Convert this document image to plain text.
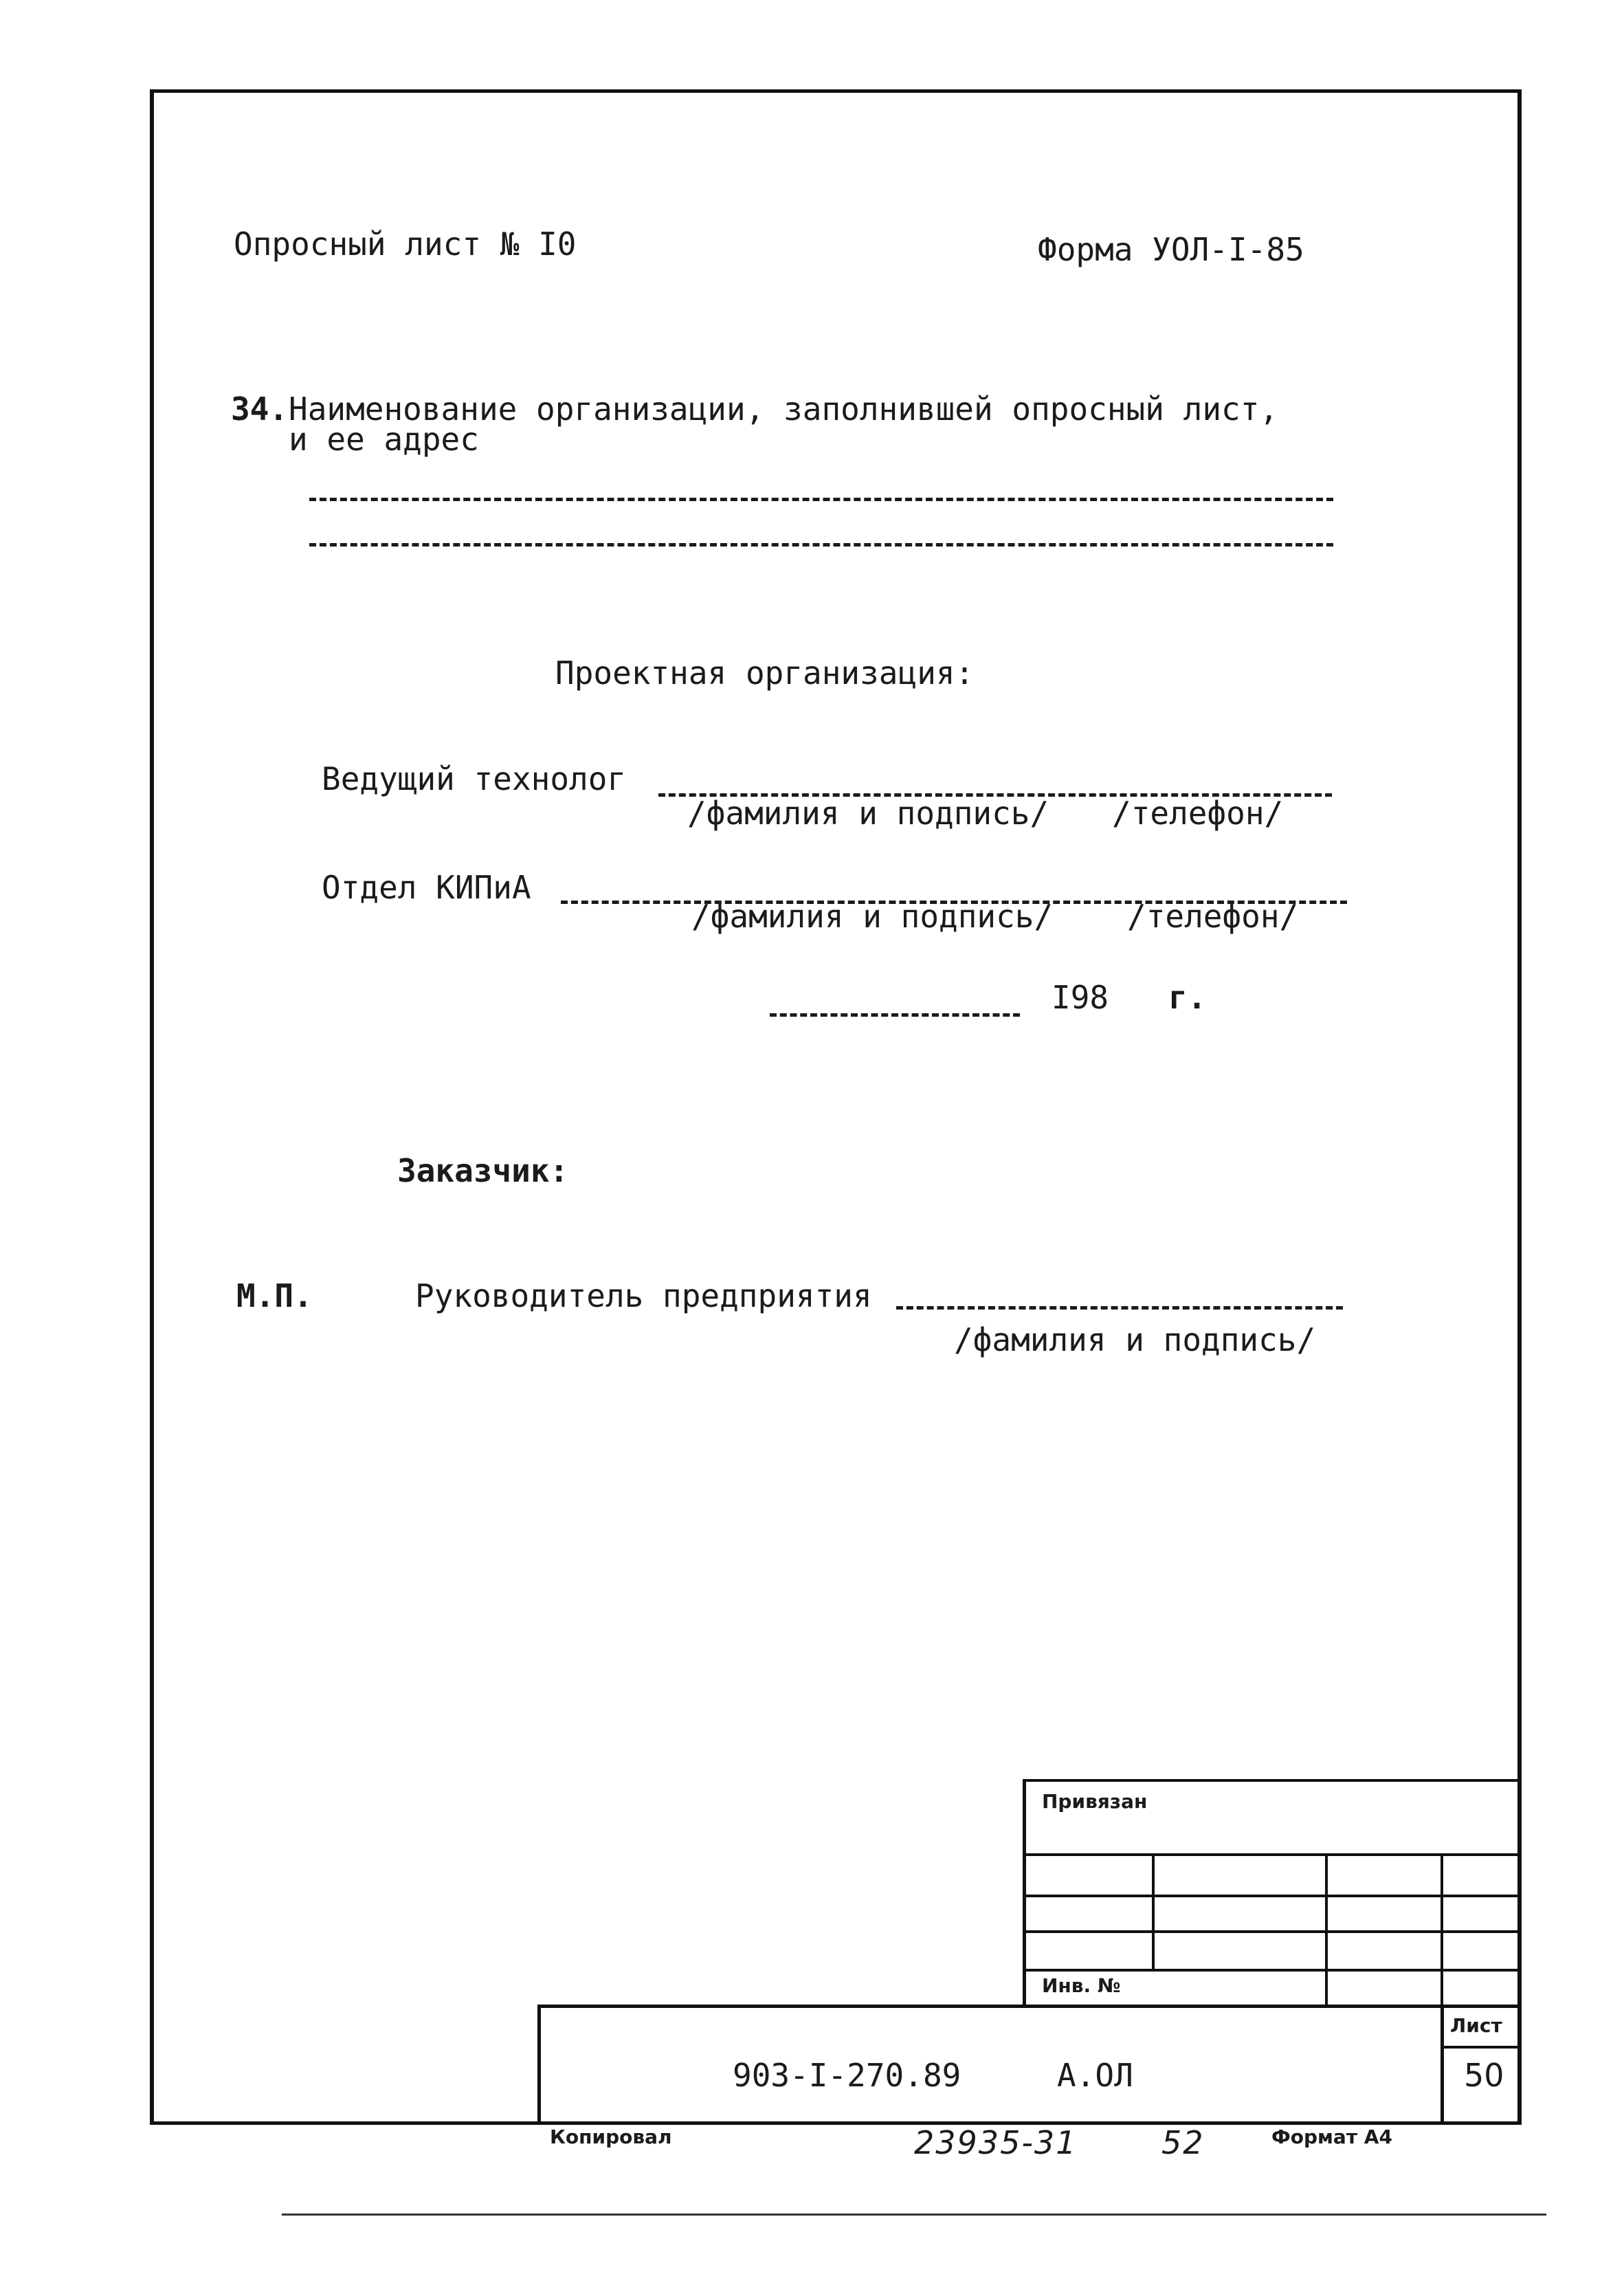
Опросный лист № I0	Форма УОЛ-I-85
34. Наименование организации, заполнившей опросный лист,
и ее адрес
Проектная организация:
Ведущий технолог
/фамилия и подпись/ /телефон/
Отдел КИПиА
/фамилия и подпись/ /телефон/
I98 г.
Заказчик:
М.П.	Руководитель предприятия
/фамилия и подпись/
Привязан
Инв. №
Лист
50
903-I-270.89	А.ОЛ
Копировал	23935-31	52	Формат А4
